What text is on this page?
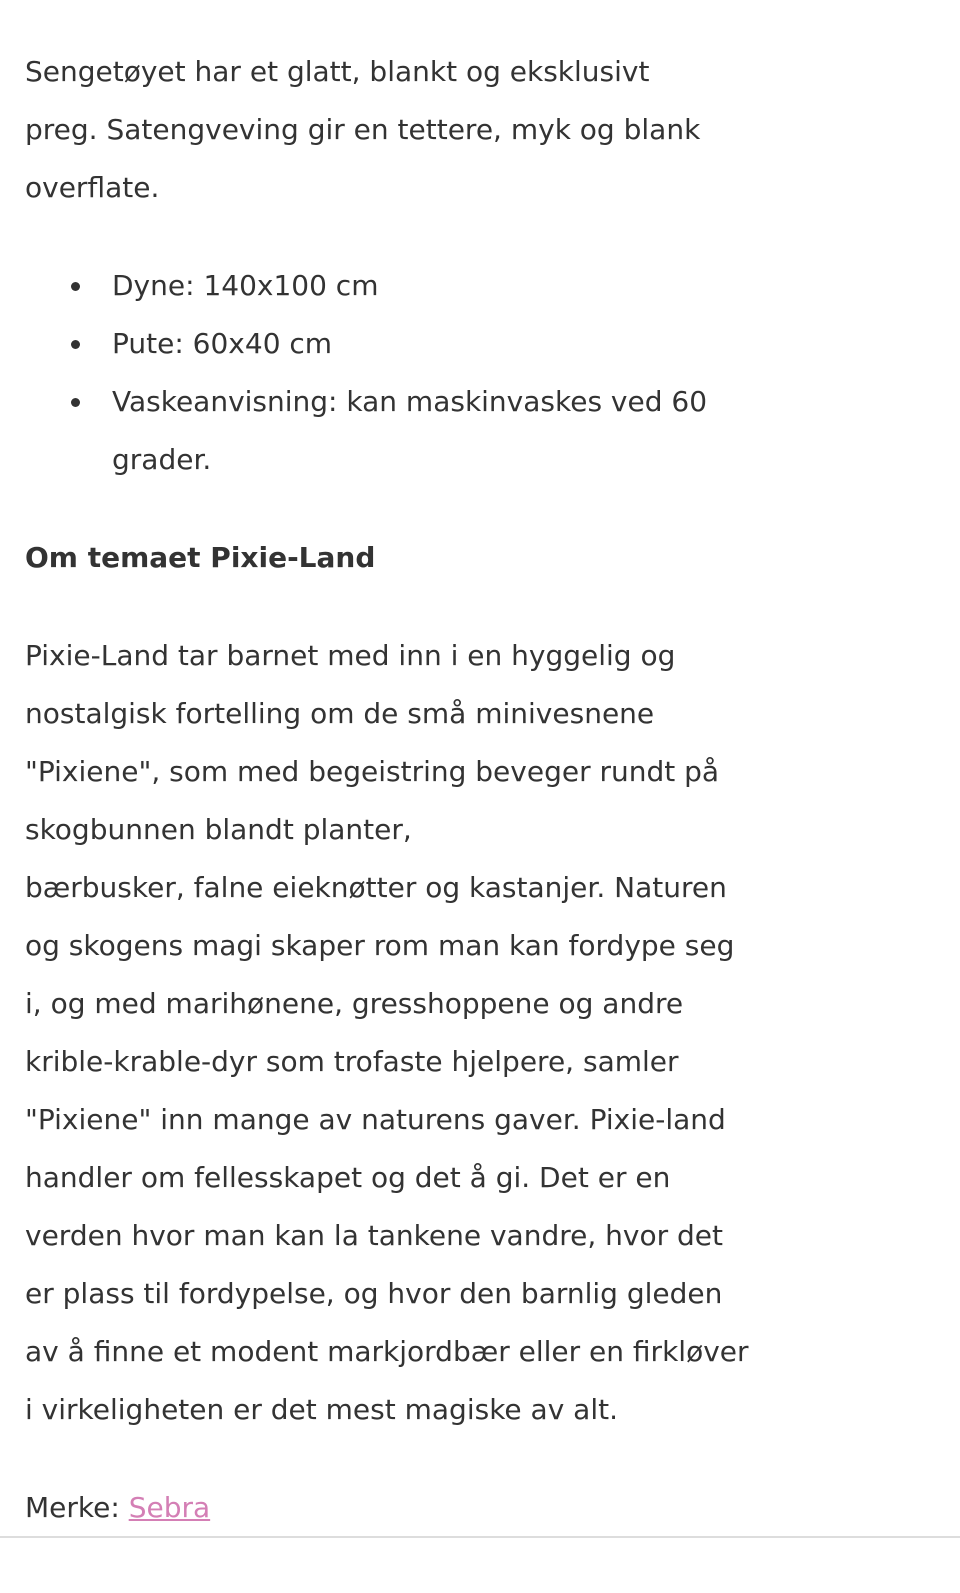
Sengetøyet har et glatt, blankt og eksklusivt
preg. Satengveving gir en tettere, myk og blank
overflate.

Dyne: 140x100 cm
Pute: 60x40 cm
Vaskeanvisning: kan maskinvaskes ved 60
grader.
Om temaet Pixie-Land

Pixie-Land tar barnet med inn i en hyggelig og
nostalgisk fortelling om de små minivesnene
"Pixiene", som med begeistring beveger rundt på
skogbunnen blandt planter,
bærbusker, falne eieknøtter og kastanjer. Naturen
og skogens magi skaper rom man kan fordype seg
i, og med marihønene, gresshoppene og andre
krible-krable-dyr som trofaste hjelpere, samler
"Pixiene" inn mange av naturens gaver. Pixie-land
handler om fellesskapet og det å gi. Det er en
verden hvor man kan la tankene vandre, hvor det
er plass til fordypelse, og hvor den barnlig gleden
av å finne et modent markjordbær eller en firkløver
i virkeligheten er det mest magiske av alt.

Merke: Sebra
